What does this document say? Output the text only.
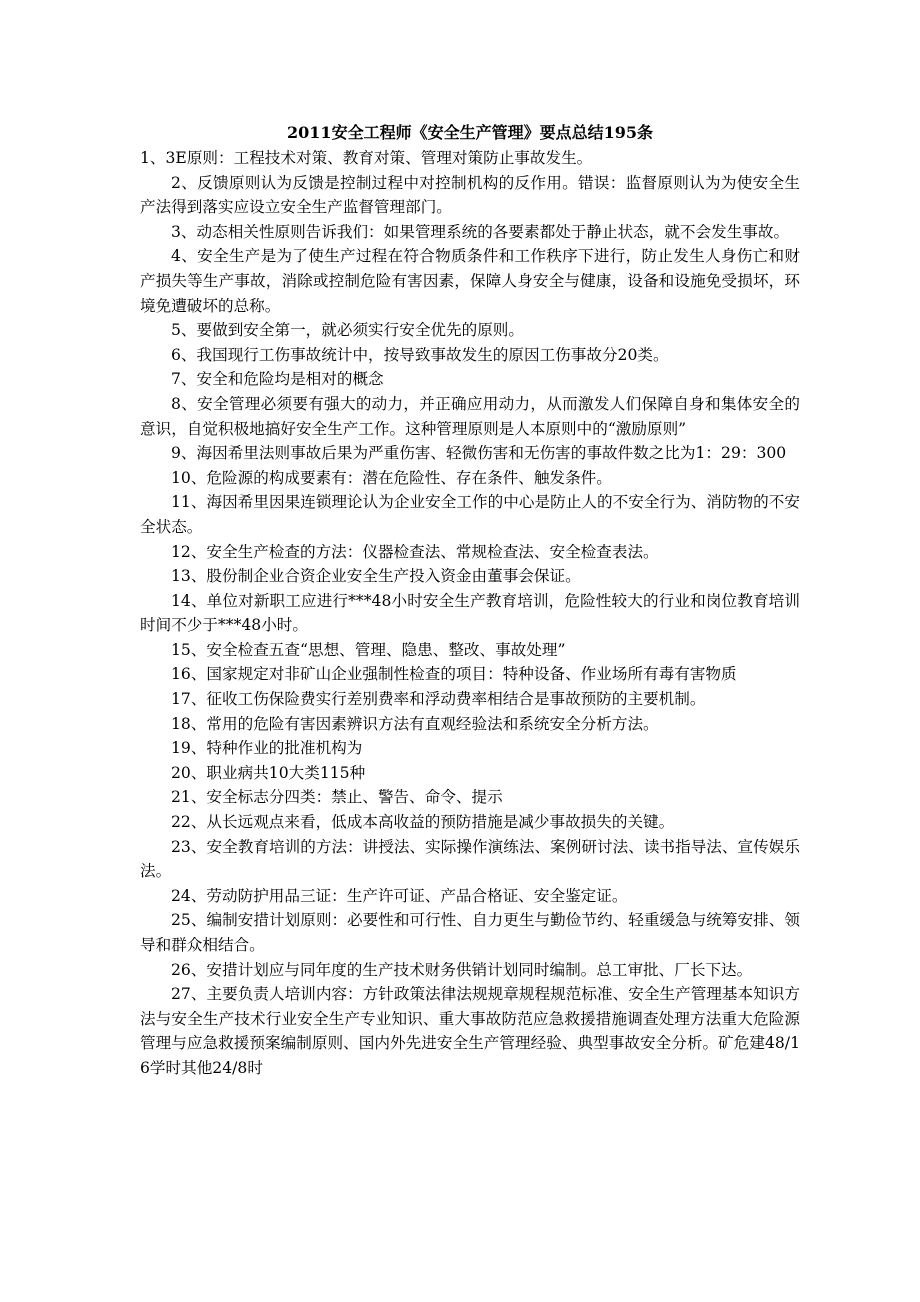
2011安全工程师《安全生产管理》要点总结195条

1、3E原则：工程技术对策、教育对策、管理对策防止事故发生。

2、反馈原则认为反馈是控制过程中对控制机构的反作用。错误：监督原则认为为使安全生产法得到落实应设立安全生产监督管理部门。

3、动态相关性原则告诉我们：如果管理系统的各要素都处于静止状态，就不会发生事故。

4、安全生产是为了使生产过程在符合物质条件和工作秩序下进行，防止发生人身伤亡和财产损失等生产事故，消除或控制危险有害因素，保障人身安全与健康，设备和设施免受损坏，环境免遭破坏的总称。

5、要做到安全第一，就必须实行安全优先的原则。

6、我国现行工伤事故统计中，按导致事故发生的原因工伤事故分20类。

7、安全和危险均是相对的概念

8、安全管理必须要有强大的动力，并正确应用动力，从而激发人们保障自身和集体安全的意识，自觉积极地搞好安全生产工作。这种管理原则是人本原则中的“激励原则”

9、海因希里法则事故后果为严重伤害、轻微伤害和无伤害的事故件数之比为1：29：300

10、危险源的构成要素有：潜在危险性、存在条件、触发条件。

11、海因希里因果连锁理论认为企业安全工作的中心是防止人的不安全行为、消防物的不安全状态。

12、安全生产检查的方法：仪器检查法、常规检查法、安全检查表法。

13、股份制企业合资企业安全生产投入资金由董事会保证。

14、单位对新职工应进行***48小时安全生产教育培训，危险性较大的行业和岗位教育培训时间不少于***48小时。

15、安全检查五查“思想、管理、隐患、整改、事故处理”

16、国家规定对非矿山企业强制性检查的项目：特种设备、作业场所有毒有害物质

17、征收工伤保险费实行差别费率和浮动费率相结合是事故预防的主要机制。

18、常用的危险有害因素辨识方法有直观经验法和系统安全分析方法。

19、特种作业的批准机构为

20、职业病共10大类115种

21、安全标志分四类：禁止、警告、命令、提示

22、从长远观点来看，低成本高收益的预防措施是减少事故损失的关键。

23、安全教育培训的方法：讲授法、实际操作演练法、案例研讨法、读书指导法、宣传娱乐法。

24、劳动防护用品三证：生产许可证、产品合格证、安全鉴定证。

25、编制安措计划原则：必要性和可行性、自力更生与勤俭节约、轻重缓急与统筹安排、领导和群众相结合。

26、安措计划应与同年度的生产技术财务供销计划同时编制。总工审批、厂长下达。

27、主要负责人培训内容：方针政策法律法规规章规程规范标准、安全生产管理基本知识方法与安全生产技术行业安全生产专业知识、重大事故防范应急救援措施调查处理方法重大危险源管理与应急救援预案编制原则、国内外先进安全生产管理经验、典型事故安全分析。矿危建48/16学时其他24/8时
